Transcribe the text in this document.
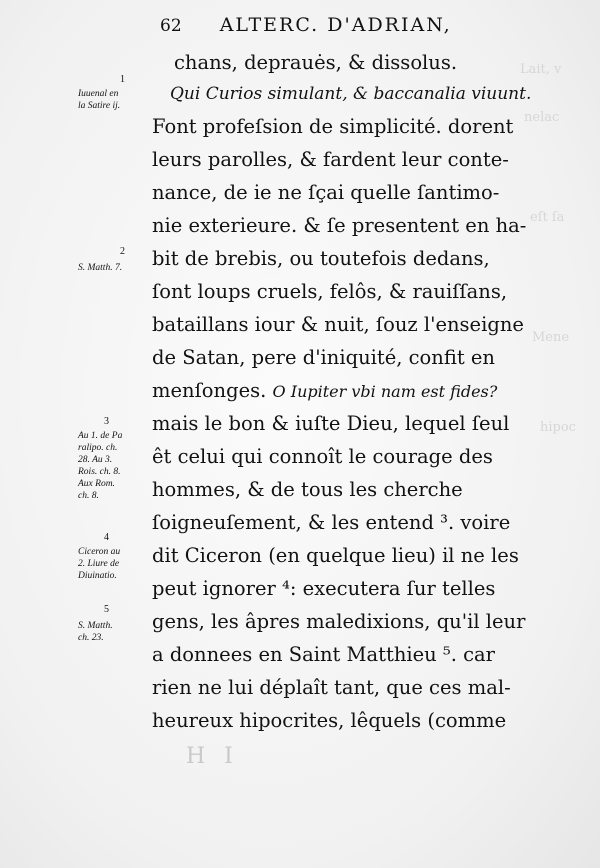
Lait, v
nelac
eſt ſa
Mene
hipoc
62 ALTERC. D'ADRIAN,
chans, deprauės, & dissolus.
Qui Curios simulant, & baccanalia viuunt.
Font profeſsion de simplicité. dorent
leurs parolles, & fardent leur conte-
nance, de ie ne ſçai quelle ſantimo-
nie exterieure. & ſe presentent en ha-
bit de brebis, ou toutefois dedans,
ſont loups cruels, felôs, & rauiſſans,
bataillans iour & nuit, ſouz l'enseigne
de Satan, pere d'iniquité, confit en
menſonges. O Iupiter vbi nam est fides?
mais le bon & iuſte Dieu, lequel ſeul
êt celui qui connoît le courage des
hommes, & de tous les cherche
ſoigneuſement, & les entend ³. voire
dit Ciceron (en quelque lieu) il ne les
peut ignorer ⁴: executera ſur telles
gens, les âpres maledixions, qu'il leur
a donnees en Saint Matthieu ⁵. car
rien ne lui déplaît tant, que ces mal-
heureux hipocrites, lêquels (comme
1
Iuuenal en
la Satire ij.
2
S. Matth. 7.
3
Au 1. de Pa
ralipo. ch.
28. Au 3.
Rois. ch. 8.
Aux Rom.
ch. 8.
4
Ciceron au
2. Liure de
Diuinatio.
5
S. Matth.
ch. 23.
H I
